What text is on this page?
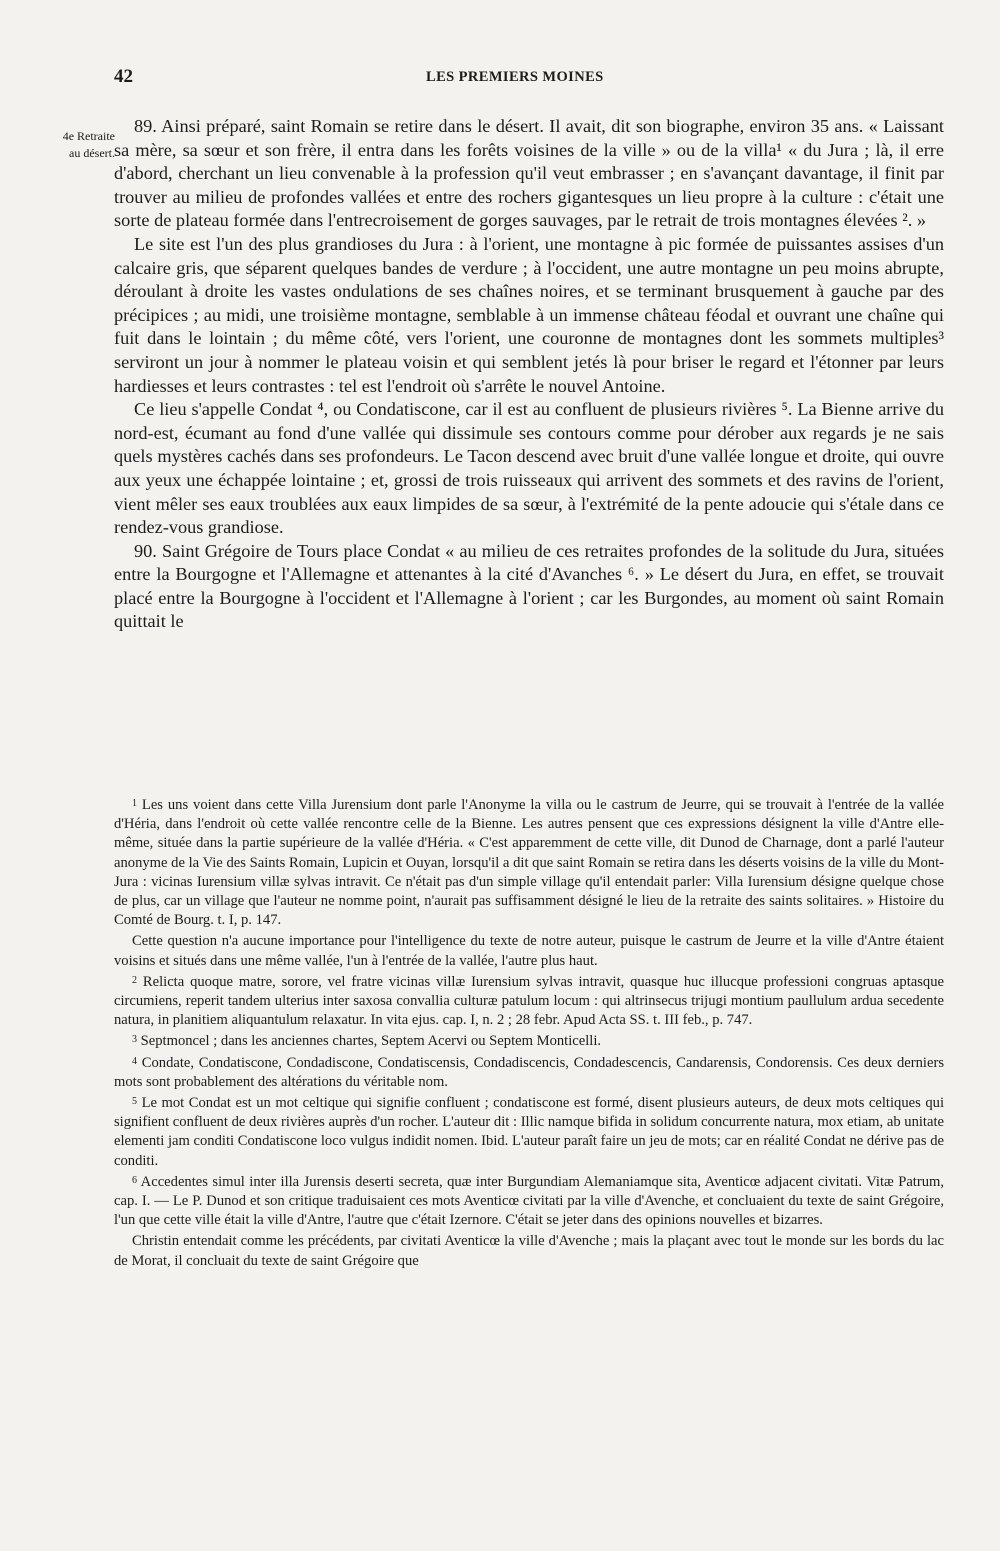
42	LES PREMIERS MOINES
4e Retraite
au désert.

89. Ainsi préparé, saint Romain se retire dans le désert. Il avait, dit son biographe, environ 35 ans. « Laissant sa mère, sa sœur et son frère, il entra dans les forêts voisines de la ville » ou de la villa¹ « du Jura ; là, il erre d'abord, cherchant un lieu convenable à la profession qu'il veut embrasser ; en s'avançant davantage, il finit par trouver au milieu de profondes vallées et entre des rochers gigantesques un lieu propre à la culture : c'était une sorte de plateau formée dans l'entrecroisement de gorges sauvages, par le retrait de trois montagnes élevées ². »

Le site est l'un des plus grandioses du Jura : à l'orient, une montagne à pic formée de puissantes assises d'un calcaire gris, que séparent quelques bandes de verdure ; à l'occident, une autre montagne un peu moins abrupte, déroulant à droite les vastes ondulations de ses chaînes noires, et se terminant brusquement à gauche par des précipices ; au midi, une troisième montagne, semblable à un immense château féodal et ouvrant une chaîne qui fuit dans le lointain ; du même côté, vers l'orient, une couronne de montagnes dont les sommets multiples³ serviront un jour à nommer le plateau voisin et qui semblent jetés là pour briser le regard et l'étonner par leurs hardiesses et leurs contrastes : tel est l'endroit où s'arrête le nouvel Antoine.

Ce lieu s'appelle Condat ⁴, ou Condatiscone, car il est au confluent de plusieurs rivières ⁵. La Bienne arrive du nord-est, écumant au fond d'une vallée qui dissimule ses contours comme pour dérober aux regards je ne sais quels mystères cachés dans ses profondeurs. Le Tacon descend avec bruit d'une vallée longue et droite, qui ouvre aux yeux une échappée lointaine ; et, grossi de trois ruisseaux qui arrivent des sommets et des ravins de l'orient, vient mêler ses eaux troublées aux eaux limpides de sa sœur, à l'extrémité de la pente adoucie qui s'étale dans ce rendez-vous grandiose.

90. Saint Grégoire de Tours place Condat « au milieu de ces retraites profondes de la solitude du Jura, situées entre la Bourgogne et l'Allemagne et attenantes à la cité d'Avanches ⁶. » Le désert du Jura, en effet, se trouvait placé entre la Bourgogne à l'occident et l'Allemagne à l'orient ; car les Burgondes, au moment où saint Romain quittait le

$^1$ Les uns voient dans cette Villa Jurensium dont parle l'Anonyme la villa ou le castrum de Jeurre, qui se trouvait à l'entrée de la vallée d'Héria, dans l'endroit où cette vallée rencontre celle de la Bienne. Les autres pensent que ces expressions désignent la ville d'Antre elle-même, située dans la partie supérieure de la vallée d'Héria. « C'est apparemment de cette ville, dit Dunod de Charnage, dont a parlé l'auteur anonyme de la Vie des Saints Romain, Lupicin et Ouyan, lorsqu'il a dit que saint Romain se retira dans les déserts voisins de la ville du Mont-Jura : vicinas Iurensium villæ sylvas intravit. Ce n'était pas d'un simple village qu'il entendait parler: Villa Iurensium désigne quelque chose de plus, car un village que l'auteur ne nomme point, n'aurait pas suffisamment désigné le lieu de la retraite des saints solitaires. » Histoire du Comté de Bourg. t. I, p. 147.

Cette question n'a aucune importance pour l'intelligence du texte de notre auteur, puisque le castrum de Jeurre et la ville d'Antre étaient voisins et situés dans une même vallée, l'un à l'entrée de la vallée, l'autre plus haut.

$^2$ Relicta quoque matre, sorore, vel fratre vicinas villæ Iurensium sylvas intravit, quasque huc illucque professioni congruas aptasque circumiens, reperit tandem ulterius inter saxosa convallia culturæ patulum locum : qui altrinsecus trijugi montium paullulum ardua secedente natura, in planitiem aliquantulum relaxatur. In vita ejus. cap. I, n. 2 ; 28 febr. Apud Acta SS. t. III feb., p. 747.

$^3$ Septmoncel ; dans les anciennes chartes, Septem Acervi ou Septem Monticelli.

$^4$ Condate, Condatiscone, Condadiscone, Condatiscensis, Condadiscencis, Condadescencis, Candarensis, Condorensis. Ces deux derniers mots sont probablement des altérations du véritable nom.

$^5$ Le mot Condat est un mot celtique qui signifie confluent ; condatiscone est formé, disent plusieurs auteurs, de deux mots celtiques qui signifient confluent de deux rivières auprès d'un rocher. L'auteur dit : Illic namque bifida in solidum concurrente natura, mox etiam, ab unitate elementi jam conditi Condatiscone loco vulgus indidit nomen. Ibid. L'auteur paraît faire un jeu de mots; car en réalité Condat ne dérive pas de conditi.

$^6$ Accedentes simul inter illa Jurensis deserti secreta, quæ inter Burgundiam Alemaniamque sita, Aventicœ adjacent civitati. Vitæ Patrum, cap. I. — Le P. Dunod et son critique traduisaient ces mots Aventicœ civitati par la ville d'Avenche, et concluaient du texte de saint Grégoire, l'un que cette ville était la ville d'Antre, l'autre que c'était Izernore. C'était se jeter dans des opinions nouvelles et bizarres.

Christin entendait comme les précédents, par civitati Aventicœ la ville d'Avenche ; mais la plaçant avec tout le monde sur les bords du lac de Morat, il concluait du texte de saint Grégoire que
